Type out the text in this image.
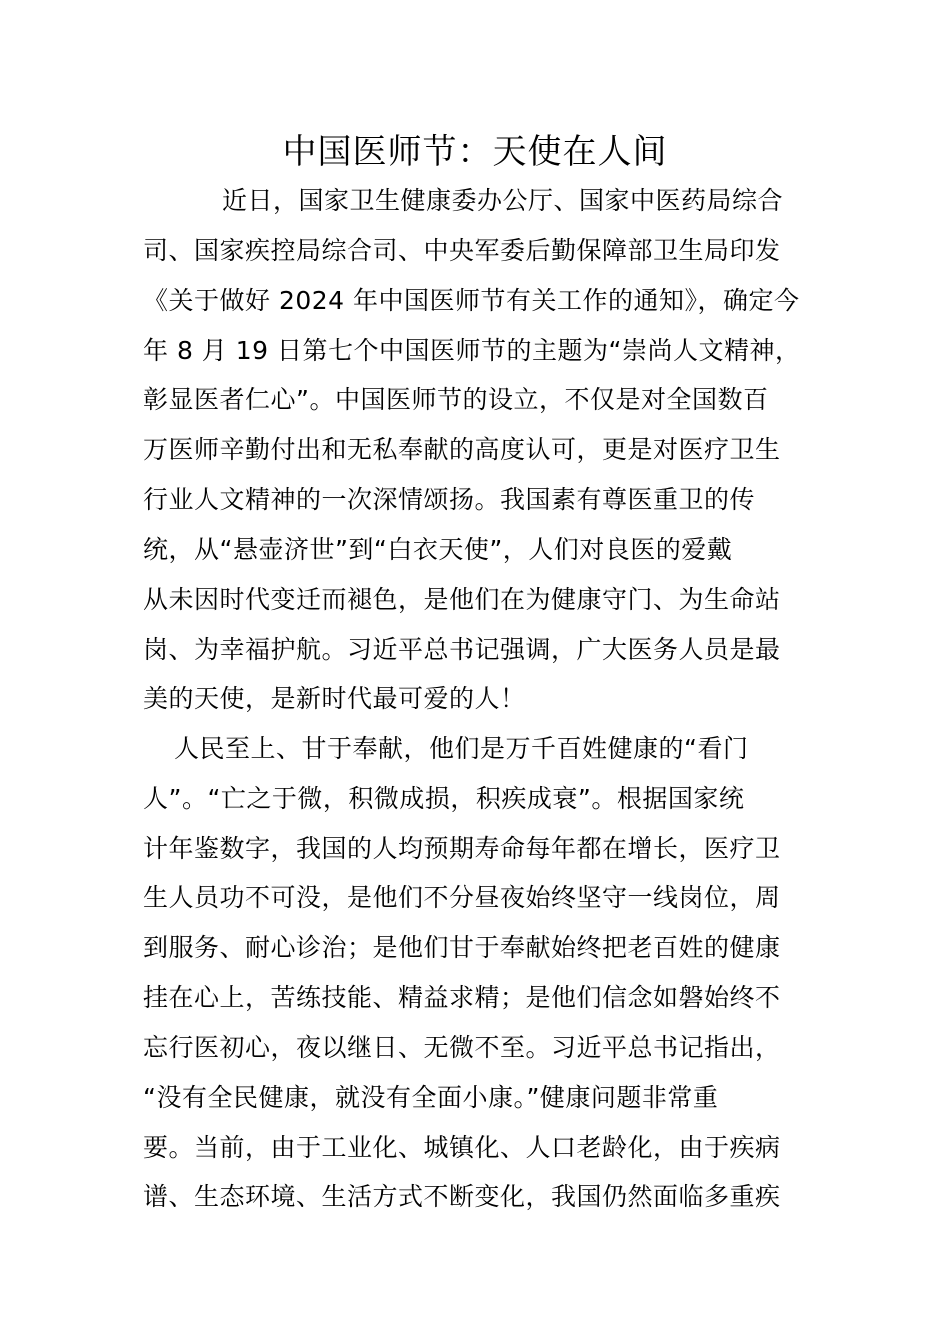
中国医师节：天使在人间
近日，国家卫生健康委办公厅、国家中医药局综合
司、国家疾控局综合司、中央军委后勤保障部卫生局印发
《关于做好 2024 年中国医师节有关工作的通知》，确定今
年 8 月 19 日第七个中国医师节的主题为“崇尚人文精神，
彰显医者仁心”。中国医师节的设立，不仅是对全国数百
万医师辛勤付出和无私奉献的高度认可，更是对医疗卫生
行业人文精神的一次深情颂扬。我国素有尊医重卫的传
统，从“悬壶济世”到“白衣天使”，人们对良医的爱戴
从未因时代变迁而褪色，是他们在为健康守门、为生命站
岗、为幸福护航。习近平总书记强调，广大医务人员是最
美的天使，是新时代最可爱的人！
人民至上、甘于奉献，他们是万千百姓健康的“看门
人”。“亡之于微，积微成损，积疾成衰”。根据国家统
计年鉴数字，我国的人均预期寿命每年都在增长，医疗卫
生人员功不可没，是他们不分昼夜始终坚守一线岗位，周
到服务、耐心诊治；是他们甘于奉献始终把老百姓的健康
挂在心上，苦练技能、精益求精；是他们信念如磐始终不
忘行医初心，夜以继日、无微不至。习近平总书记指出，
“没有全民健康，就没有全面小康。”健康问题非常重
要。当前，由于工业化、城镇化、人口老龄化，由于疾病
谱、生态环境、生活方式不断变化，我国仍然面临多重疾
